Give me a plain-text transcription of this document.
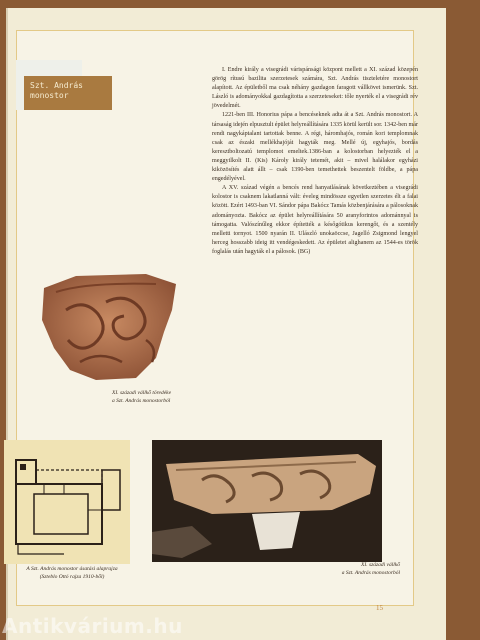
Szt. András
monostor

I. Endre király a visegrádi várispánsági központ mellett a XI. század közepén görög rítusú bazilita szerzetesek számára, Szt. András tiszteletére monostort alapított. Az épületből ma csak néhány gazdagon faragott vállkövet ismerünk. Szt. László is adományokkal gazdagította a szerzeteseket: tőle nyerték el a visegrádi rév jövedelmét.

1221-ben III. Honorius pápa a bencéseknek adta át a Szt. András monostort. A társaság idején elpusztult épület helyreállítására 1335 körül került sor. 1342-ben már rendi nagykáptalant tartottak benne. A régi, háromhajós, román kori templomnak csak az északi mellékhajóját hagyták meg. Mellé új, egyhajós, bordás keresztboltozatú templomot emeltek.1386-ban a kolostorban helyezték el a meggyilkolt II. (Kis) Károly király tetemét, akit – mivel halálakor egyházi kiközösítés alatt állt – csak 1390-ben temethettek beszentelt földbe, a pápa engedélyével.

A XV. század végén a bencés rend hanyatlásának következtében a visegrádi kolostor is csaknem lakatlanná vált: éveleg mindössze egyetlen szerzetes élt a falai között. Ezért 1493-ban VI. Sándor pápa Bakócz Tamás közbenjárására a pálosoknak adományozta. Bakócz az épület helyreállítására 50 aranyforintos adománnyal is támogatta. Valószínűleg ekkor építették a későgótikus kerengőt, és a szentély melletti tornyot. 1500 nyarán II. Ulászló unokaöccse, Jagelló Zsigmond lengyel herceg hosszabb ideig itt vendégeskedett. Az épületet alighanem az 1544-es török foglalás után hagyták el a pálosok. (BG)

XI. századi vállkő töredéke
a Szt. András monostorból
A Szt. András monostor ásatási alaprajza
(Szteblo Ottó rajza 1910-ből)
XI. századi vállkő
a Szt. András monostorból
15
Antikvárium.hu
